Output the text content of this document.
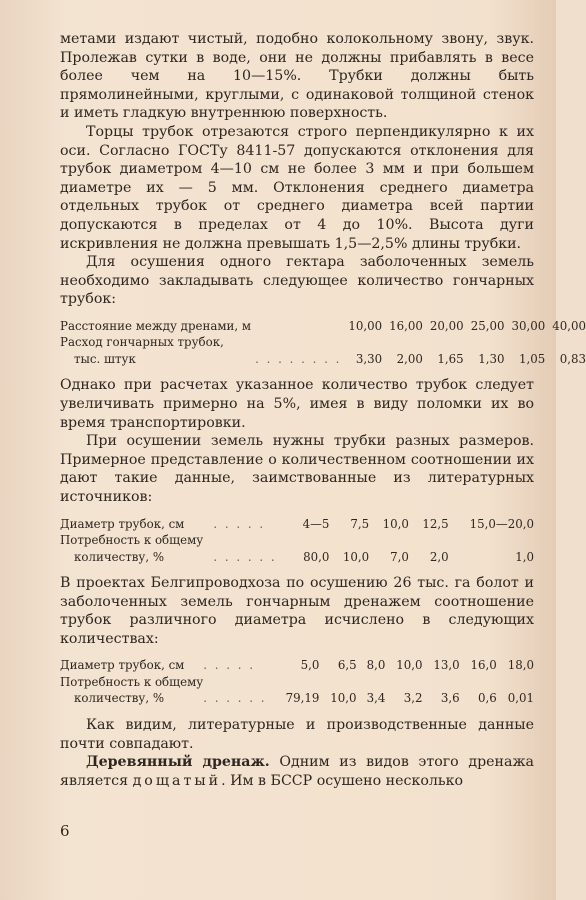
метами издают чистый, подобно колокольному звону, звук. Пролежав сутки в воде, они не должны прибавлять в весе более чем на 10—15%. Трубки должны быть прямолинейными, круглыми, с одинаковой толщиной стенок и иметь гладкую внутреннюю поверхность.

Торцы трубок отрезаются строго перпендикулярно к их оси. Согласно ГОСТу 8411-57 допускаются отклонения для трубок диаметром 4—10 см не более 3 мм и при большем диаметре их — 5 мм. Отклонения среднего диаметра отдельных трубок от среднего диаметра всей партии допускаются в пределах от 4 до 10%. Высота дуги искривления не должна превышать 1,5—2,5% длины трубки.

Для осушения одного гектара заболоченных земель необходимо закладывать следующее количество гончарных трубок:

Расстояние между дренами, м		10,00	16,00	20,00	25,00	30,00	40,00
Расход гончарных трубок,							
тыс. штук	. . . . . . . .	3,30	2,00	1,65	1,30	1,05	0,83

Однако при расчетах указанное количество трубок следует увеличивать примерно на 5%, имея в виду поломки их во время транспортировки.

При осушении земель нужны трубки разных размеров. Примерное представление о количественном соотношении их дают такие данные, заимствованные из литературных источников:

Диаметр трубок, см	. . . . .	4—5	7,5	10,0	12,5	15,0—20,0
Потребность к общему						
количеству, %	. . . . . .	80,0	10,0	7,0	2,0	1,0

В проектах Белгипроводхоза по осушению 26 тыс. га болот и заболоченных земель гончарным дренажем соотношение трубок различного диаметра исчислено в следующих количествах:

Диаметр трубок, см	. . . . .	5,0	6,5	8,0	10,0	13,0	16,0	18,0
Потребность к общему								
количеству, %	. . . . . .	79,19	10,0	3,4	3,2	3,6	0,6	0,01

Как видим, литературные и производственные данные почти совпадают.

Деревянный дренаж. Одним из видов этого дренажа является дощатый. Им в БССР осушено несколько

6
